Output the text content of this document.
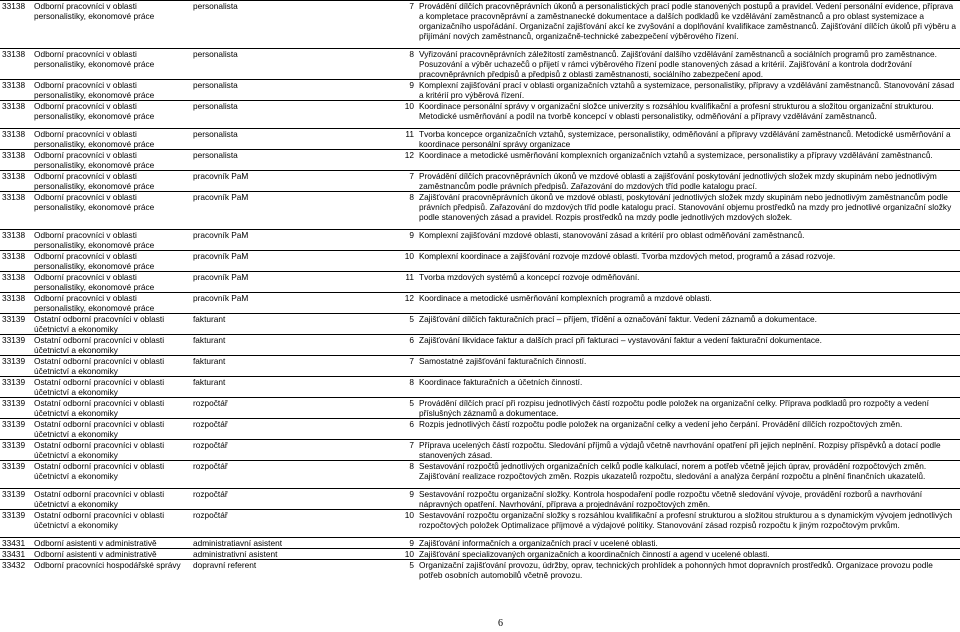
33138	Odborní pracovníci v oblasti personalistiky, ekonomové práce	personalista	7	Provádění dílčích pracovněprávních úkonů a personalistických prací podle stanovených postupů a pravidel. Vedení personální evidence, příprava a kompletace pracovněprávní a zaměstnanecké dokumentace a dalších podkladů ke vzdělávání zaměstnanců a pro oblast systemizace a organizačního uspořádání. Organizační zajišťování akcí ke zvyšování a doplňování kvalifikace zaměstnanců. Zajišťování dílčích úkolů při výběru a přijímání nových zaměstnanců, organizačně-technické zabezpečení výběrového řízení.

33138	Odborní pracovníci v oblasti personalistiky, ekonomové práce	personalista	8	Vyřizování pracovněprávních záležitostí zaměstnanců. Zajišťování dalšího vzdělávání zaměstnanců a sociálních programů pro zaměstnance. Posuzování a výběr uchazečů o přijetí v rámci výběrového řízení podle stanovených zásad a kritérií. Zajišťování a kontrola dodržování pracovněprávních předpisů a předpisů z oblasti zaměstnanosti, sociálního zabezpečení apod.
33138	Odborní pracovníci v oblasti personalistiky, ekonomové práce	personalista	9	Komplexní zajišťování prací v oblasti organizačních vztahů a systemizace, personalistiky, přípravy a vzdělávání zaměstnanců. Stanovování zásad a kritérií pro výběrová řízení.
33138	Odborní pracovníci v oblasti personalistiky, ekonomové práce	personalista	10	Koordinace personální správy v organizační složce univerzity s rozsáhlou kvalifikační a profesní strukturou a složitou organizační strukturou. Metodické usměrňování a podíl na tvorbě koncepcí v oblasti personalistiky, odměňování a přípravy vzdělávání zaměstnanců.

33138	Odborní pracovníci v oblasti personalistiky, ekonomové práce	personalista	11	Tvorba koncepce organizačních vztahů, systemizace, personalistiky, odměňování a přípravy vzdělávání zaměstnanců. Metodické usměrňování a koordinace personální správy organizace
33138	Odborní pracovníci v oblasti personalistiky, ekonomové práce	personalista	12	Koordinace a metodické usměrňování komplexních organizačních vztahů a systemizace, personalistiky a přípravy vzdělávání zaměstnanců.
33138	Odborní pracovníci v oblasti personalistiky, ekonomové práce	pracovník PaM	7	Provádění dílčích pracovněprávních úkonů ve mzdové oblasti a zajišťování poskytování jednotlivých složek mzdy skupinám nebo jednotlivým zaměstnancům podle právních předpisů. Zařazování do mzdových tříd podle katalogu prací.
33138	Odborní pracovníci v oblasti personalistiky, ekonomové práce	pracovník PaM	8	Zajišťování pracovněprávních úkonů ve mzdové oblasti, poskytování jednotlivých složek mzdy skupinám nebo jednotlivým zaměstnancům podle právních předpisů. Zařazování do mzdových tříd podle katalogu prací. Stanovování objemu prostředků na mzdy pro jednotlivé organizační složky podle stanovených zásad a pravidel. Rozpis prostředků na mzdy podle jednotlivých mzdových složek.

33138	Odborní pracovníci v oblasti personalistiky, ekonomové práce	pracovník PaM	9	Komplexní zajišťování mzdové oblasti, stanovování zásad a kritérií pro oblast odměňování zaměstnanců.
33138	Odborní pracovníci v oblasti personalistiky, ekonomové práce	pracovník PaM	10	Komplexní koordinace a zajišťování rozvoje mzdové oblasti. Tvorba mzdových metod, programů a zásad rozvoje.
33138	Odborní pracovníci v oblasti personalistiky, ekonomové práce	pracovník PaM	11	Tvorba mzdových systémů a koncepcí rozvoje odměňování.
33138	Odborní pracovníci v oblasti personalistiky, ekonomové práce	pracovník PaM	12	Koordinace a metodické usměrňování komplexních programů a mzdové oblasti.
33139	Ostatní odborní pracovníci v oblasti účetnictví a ekonomiky	fakturant	5	Zajišťování dílčích fakturačních prací – příjem, třídění a označování faktur. Vedení záznamů a dokumentace.
33139	Ostatní odborní pracovníci v oblasti účetnictví a ekonomiky	fakturant	6	Zajišťování likvidace faktur a dalších prací při fakturaci – vystavování faktur a vedení fakturační dokumentace.
33139	Ostatní odborní pracovníci v oblasti účetnictví a ekonomiky	fakturant	7	Samostatné zajišťování fakturačních činností.
33139	Ostatní odborní pracovníci v oblasti účetnictví a ekonomiky	fakturant	8	Koordinace fakturačních a účetních činností.
33139	Ostatní odborní pracovníci v oblasti účetnictví a ekonomiky	rozpočtář	5	Provádění dílčích prací při rozpisu jednotlivých částí rozpočtu podle položek na organizační celky. Příprava podkladů pro rozpočty a vedení příslušných záznamů a dokumentace.
33139	Ostatní odborní pracovníci v oblasti účetnictví a ekonomiky	rozpočtář	6	Rozpis jednotlivých částí rozpočtu podle položek na organizační celky a vedení jeho čerpání. Provádění dílčích rozpočtových změn.
33139	Ostatní odborní pracovníci v oblasti účetnictví a ekonomiky	rozpočtář	7	Příprava ucelených částí rozpočtu. Sledování příjmů a výdajů včetně navrhování opatření při jejich neplnění. Rozpisy příspěvků a dotací podle stanovených zásad.
33139	Ostatní odborní pracovníci v oblasti účetnictví a ekonomiky	rozpočtář	8	Sestavování rozpočtů jednotlivých organizačních celků podle kalkulací, norem a potřeb včetně jejich úprav, provádění rozpočtových změn. Zajišťování realizace rozpočtových změn. Rozpis ukazatelů rozpočtu, sledování a analýza čerpání rozpočtu a plnění finančních ukazatelů.

33139	Ostatní odborní pracovníci v oblasti účetnictví a ekonomiky	rozpočtář	9	Sestavování rozpočtu organizační složky. Kontrola hospodaření podle rozpočtu včetně sledování vývoje, provádění rozborů a navrhování nápravných opatření. Navrhování, příprava a projednávání rozpočtových změn.
33139	Ostatní odborní pracovníci v oblasti účetnictví a ekonomiky	rozpočtář	10	Sestavování rozpočtu organizační složky s rozsáhlou kvalifikační a profesní strukturou a složitou strukturou a s dynamickým vývojem jednotlivých rozpočtových položek Optimalizace příjmové a výdajové politiky. Stanovování zásad rozpisů rozpočtu k jiným rozpočtovým prvkům.

33431	Odborní asistenti v administrativě	administratiavní asistent	9	Zajišťování informačních a organizačních prací v ucelené oblasti.
33431	Odborní asistenti v administrativě	administrativní asistent	10	Zajišťování specializovaných organizačních a koordinačních činností a agend v ucelené oblasti.
33432	Odborní pracovníci hospodářské správy	dopravní referent	5	Organizační zajišťování provozu, údržby, oprav, technických prohlídek a pohonných hmot dopravních prostředků. Organizace provozu podle potřeb osobních automobilů včetně provozu.
6
